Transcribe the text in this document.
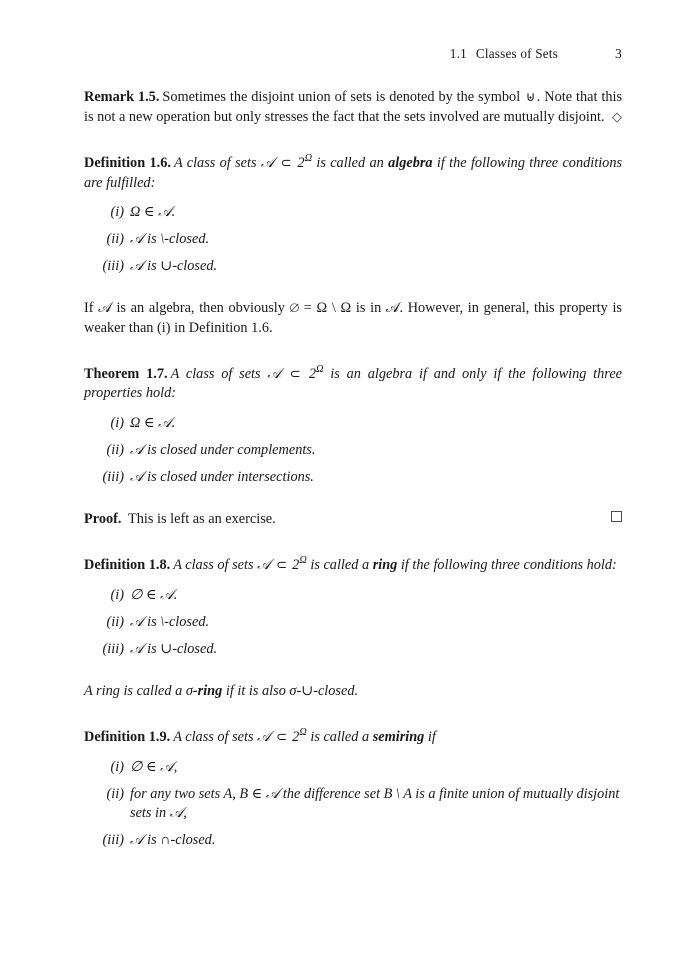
1.1 Classes of Sets	3

Remark 1.5. Sometimes the disjoint union of sets is denoted by the symbol ⊎ . Note that this is not a new operation but only stresses the fact that the sets involved are mutually disjoint. ◇

Definition 1.6. A class of sets 𝒜 ⊂ $2^\Omega$ is called an algebra if the following three conditions are fulfilled:

(i) Ω ∈ 𝒜.
(ii) 𝒜 is \-closed.
(iii) 𝒜 is ∪-closed.

If 𝒜 is an algebra, then obviously ∅ = Ω \ Ω is in 𝒜. However, in general, this property is weaker than (i) in Definition 1.6.

Theorem 1.7. A class of sets 𝒜 ⊂ $2^\Omega$ is an algebra if and only if the following three properties hold:

(i) Ω ∈ 𝒜.
(ii) 𝒜 is closed under complements.
(iii) 𝒜 is closed under intersections.
Proof. This is left as an exercise.

Definition 1.8. A class of sets 𝒜 ⊂ $2^\Omega$ is called a ring if the following three conditions hold:

(i) ∅ ∈ 𝒜.
(ii) 𝒜 is \-closed.
(iii) 𝒜 is ∪-closed.

A ring is called a σ-ring if it is also σ-∪-closed.

Definition 1.9. A class of sets 𝒜 ⊂ $2^\Omega$ is called a semiring if

(i) ∅ ∈ 𝒜,
(ii) for any two sets A, B ∈ 𝒜 the difference set B \ A is a finite union of mutually disjoint sets in 𝒜,
(iii) 𝒜 is ∩-closed.
